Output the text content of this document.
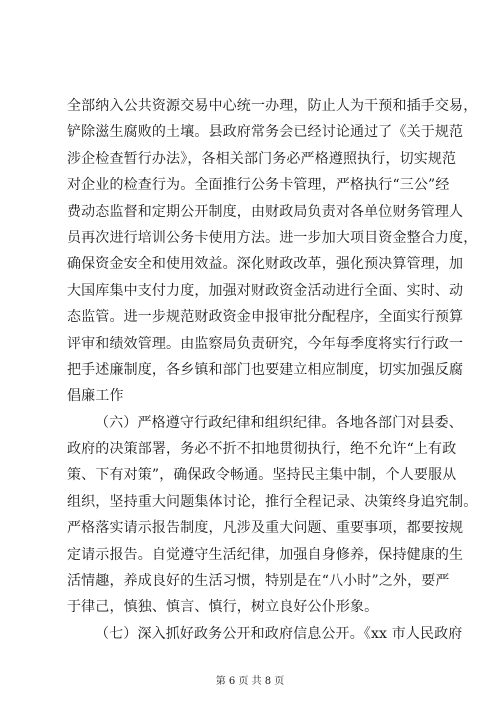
全部纳入公共资源交易中心统一办理，防止人为干预和插手交易，
铲除滋生腐败的土壤。县政府常务会已经讨论通过了《关于规范
涉企检查暂行办法》，各相关部门务必严格遵照执行，切实规范
对企业的检查行为。全面推行公务卡管理，严格执行“三公”经
费动态监督和定期公开制度，由财政局负责对各单位财务管理人
员再次进行培训公务卡使用方法。进一步加大项目资金整合力度，
确保资金安全和使用效益。深化财政改革，强化预决算管理，加
大国库集中支付力度，加强对财政资金活动进行全面、实时、动
态监管。进一步规范财政资金申报审批分配程序，全面实行预算
评审和绩效管理。由监察局负责研究，今年每季度将实行行政一
把手述廉制度，各乡镇和部门也要建立相应制度，切实加强反腐
倡廉工作
（六）严格遵守行政纪律和组织纪律。各地各部门对县委、
政府的决策部署，务必不折不扣地贯彻执行，绝不允许“上有政
策、下有对策”，确保政令畅通。坚持民主集中制，个人要服从
组织，坚持重大问题集体讨论，推行全程记录、决策终身追究制。
严格落实请示报告制度，凡涉及重大问题、重要事项，都要按规
定请示报告。自觉遵守生活纪律，加强自身修养，保持健康的生
活情趣，养成良好的生活习惯，特别是在“八小时”之外，要严
于律己，慎独、慎言、慎行，树立良好公仆形象。
（七）深入抓好政务公开和政府信息公开。《xx 市人民政府
第 6 页 共 8 页
